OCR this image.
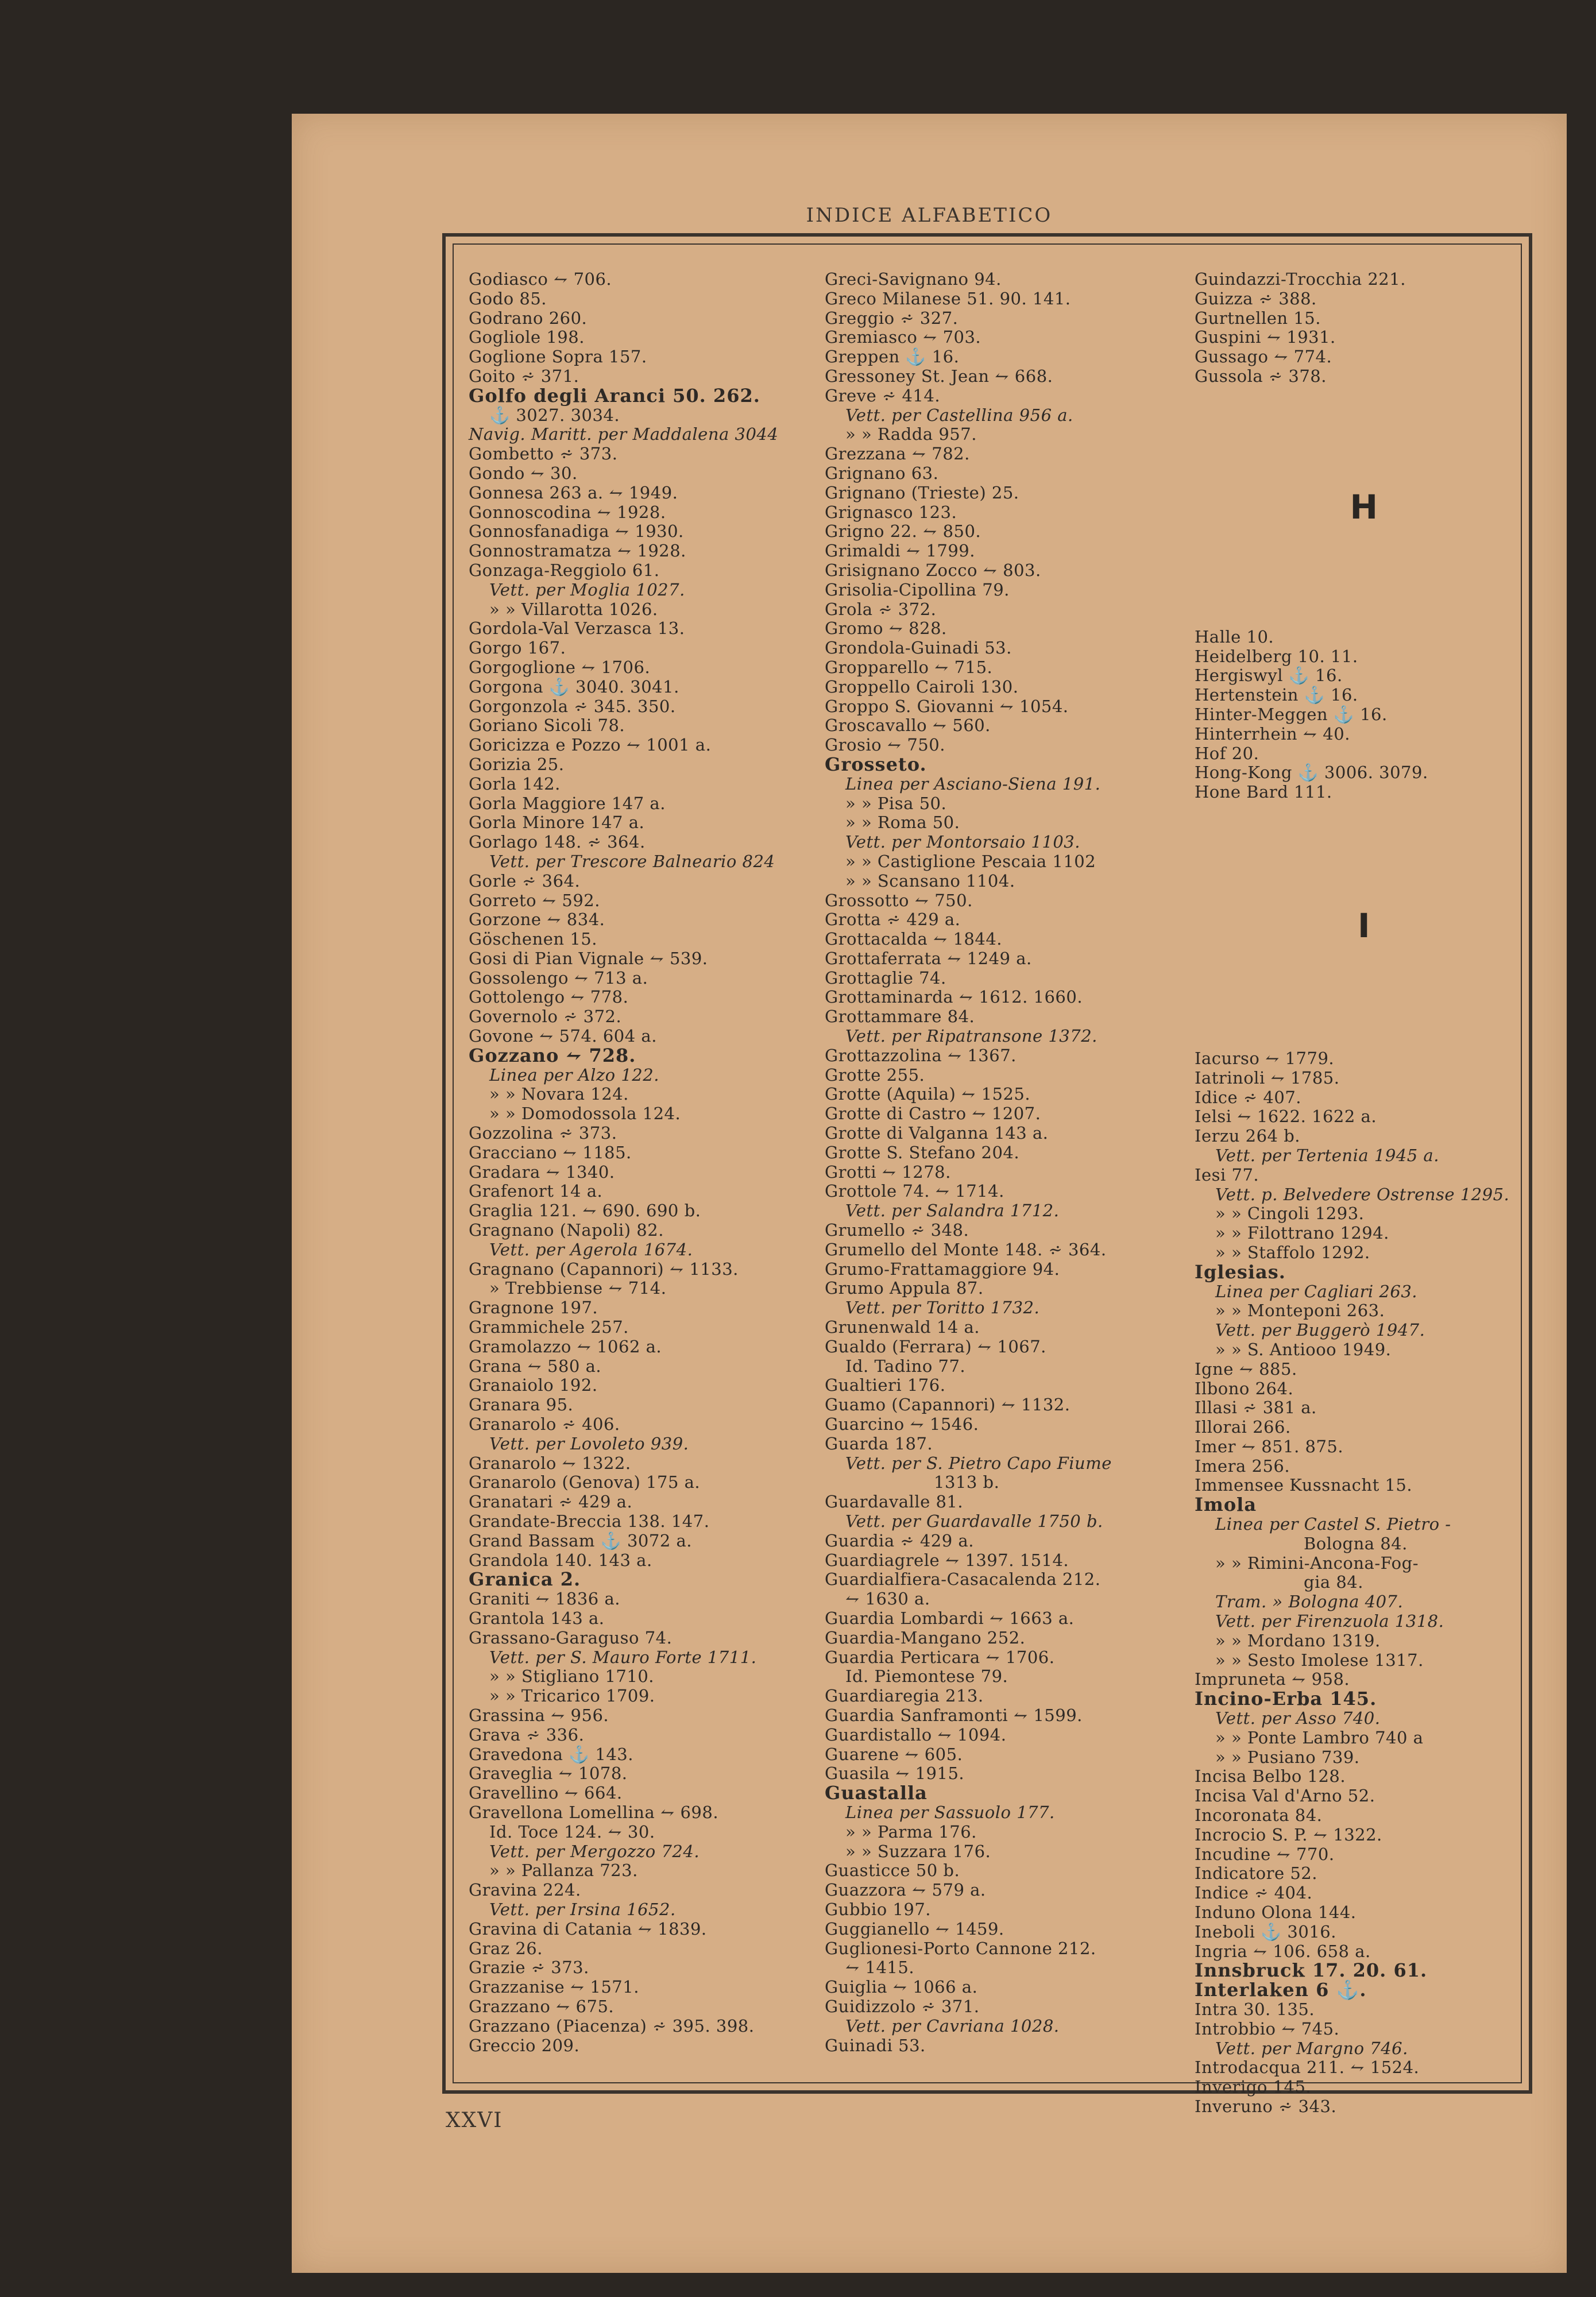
INDICE ALFABETICO
Godiasco ⥊ 706.
Godo 85.
Godrano 260.
Gogliole 198.
Goglione Sopra 157.
Goito ⩫ 371.
Golfo degli Aranci 50. 262.
⚓ 3027. 3034.
Navig. Maritt. per Maddalena 3044
Gombetto ⩫ 373.
Gondo ⥊ 30.
Gonnesa 263 a. ⥊ 1949.
Gonnoscodina ⥊ 1928.
Gonnosfanadiga ⥊ 1930.
Gonnostramatza ⥊ 1928.
Gonzaga-Reggiolo 61.
Vett. per Moglia 1027.
» » Villarotta 1026.
Gordola-Val Verzasca 13.
Gorgo 167.
Gorgoglione ⥊ 1706.
Gorgona ⚓ 3040. 3041.
Gorgonzola ⩫ 345. 350.
Goriano Sicoli 78.
Goricizza e Pozzo ⥊ 1001 a.
Gorizia 25.
Gorla 142.
Gorla Maggiore 147 a.
Gorla Minore 147 a.
Gorlago 148. ⩫ 364.
Vett. per Trescore Balneario 824
Gorle ⩫ 364.
Gorreto ⥊ 592.
Gorzone ⥊ 834.
Göschenen 15.
Gosi di Pian Vignale ⥊ 539.
Gossolengo ⥊ 713 a.
Gottolengo ⥊ 778.
Governolo ⩫ 372.
Govone ⥊ 574. 604 a.
Gozzano ⥊ 728.
Linea per Alzo 122.
» » Novara 124.
» » Domodossola 124.
Gozzolina ⩫ 373.
Gracciano ⥊ 1185.
Gradara ⥊ 1340.
Grafenort 14 a.
Graglia 121. ⥊ 690. 690 b.
Gragnano (Napoli) 82.
Vett. per Agerola 1674.
Gragnano (Capannori) ⥊ 1133.
» Trebbiense ⥊ 714.
Gragnone 197.
Grammichele 257.
Gramolazzo ⥊ 1062 a.
Grana ⥊ 580 a.
Granaiolo 192.
Granara 95.
Granarolo ⩫ 406.
Vett. per Lovoleto 939.
Granarolo ⥊ 1322.
Granarolo (Genova) 175 a.
Granatari ⩫ 429 a.
Grandate-Breccia 138. 147.
Grand Bassam ⚓ 3072 a.
Grandola 140. 143 a.
Granica 2.
Graniti ⥊ 1836 a.
Grantola 143 a.
Grassano-Garaguso 74.
Vett. per S. Mauro Forte 1711.
» » Stigliano 1710.
» » Tricarico 1709.
Grassina ⥊ 956.
Grava ⩫ 336.
Gravedona ⚓ 143.
Graveglia ⥊ 1078.
Gravellino ⥊ 664.
Gravellona Lomellina ⥊ 698.
Id. Toce 124. ⥊ 30.
Vett. per Mergozzo 724.
» » Pallanza 723.
Gravina 224.
Vett. per Irsina 1652.
Gravina di Catania ⥊ 1839.
Graz 26.
Grazie ⩫ 373.
Grazzanise ⥊ 1571.
Grazzano ⥊ 675.
Grazzano (Piacenza) ⩫ 395. 398.
Greccio 209.
Greci-Savignano 94.
Greco Milanese 51. 90. 141.
Greggio ⩫ 327.
Gremiasco ⥊ 703.
Greppen ⚓ 16.
Gressoney St. Jean ⥊ 668.
Greve ⩫ 414.
Vett. per Castellina 956 a.
» » Radda 957.
Grezzana ⥊ 782.
Grignano 63.
Grignano (Trieste) 25.
Grignasco 123.
Grigno 22. ⥊ 850.
Grimaldi ⥊ 1799.
Grisignano Zocco ⥊ 803.
Grisolia-Cipollina 79.
Grola ⩫ 372.
Gromo ⥊ 828.
Grondola-Guinadi 53.
Gropparello ⥊ 715.
Groppello Cairoli 130.
Groppo S. Giovanni ⥊ 1054.
Groscavallo ⥊ 560.
Grosio ⥊ 750.
Grosseto.
Linea per Asciano-Siena 191.
» » Pisa 50.
» » Roma 50.
Vett. per Montorsaio 1103.
» » Castiglione Pescaia 1102
» » Scansano 1104.
Grossotto ⥊ 750.
Grotta ⩫ 429 a.
Grottacalda ⥊ 1844.
Grottaferrata ⥊ 1249 a.
Grottaglie 74.
Grottaminarda ⥊ 1612. 1660.
Grottammare 84.
Vett. per Ripatransone 1372.
Grottazzolina ⥊ 1367.
Grotte 255.
Grotte (Aquila) ⥊ 1525.
Grotte di Castro ⥊ 1207.
Grotte di Valganna 143 a.
Grotte S. Stefano 204.
Grotti ⥊ 1278.
Grottole 74. ⥊ 1714.
Vett. per Salandra 1712.
Grumello ⩫ 348.
Grumello del Monte 148. ⩫ 364.
Grumo-Frattamaggiore 94.
Grumo Appula 87.
Vett. per Toritto 1732.
Grunenwald 14 a.
Gualdo (Ferrara) ⥊ 1067.
Id. Tadino 77.
Gualtieri 176.
Guamo (Capannori) ⥊ 1132.
Guarcino ⥊ 1546.
Guarda 187.
Vett. per S. Pietro Capo Fiume
1313 b.
Guardavalle 81.
Vett. per Guardavalle 1750 b.
Guardia ⩫ 429 a.
Guardiagrele ⥊ 1397. 1514.
Guardialfiera-Casacalenda 212.
⥊ 1630 a.
Guardia Lombardi ⥊ 1663 a.
Guardia-Mangano 252.
Guardia Perticara ⥊ 1706.
Id. Piemontese 79.
Guardiaregia 213.
Guardia Sanframonti ⥊ 1599.
Guardistallo ⥊ 1094.
Guarene ⥊ 605.
Guasila ⥊ 1915.
Guastalla
Linea per Sassuolo 177.
» » Parma 176.
» » Suzzara 176.
Guasticce 50 b.
Guazzora ⥊ 579 a.
Gubbio 197.
Guggianello ⥊ 1459.
Guglionesi-Porto Cannone 212.
⥊ 1415.
Guiglia ⥊ 1066 a.
Guidizzolo ⩫ 371.
Vett. per Cavriana 1028.
Guinadi 53.
Guindazzi-Trocchia 221.
Guizza ⩫ 388.
Gurtnellen 15.
Guspini ⥊ 1931.
Gussago ⥊ 774.
Gussola ⩫ 378.
H
Halle 10.
Heidelberg 10. 11.
Hergiswyl ⚓ 16.
Hertenstein ⚓ 16.
Hinter-Meggen ⚓ 16.
Hinterrhein ⥊ 40.
Hof 20.
Hong-Kong ⚓ 3006. 3079.
Hone Bard 111.
I
Iacurso ⥊ 1779.
Iatrinoli ⥊ 1785.
Idice ⩫ 407.
Ielsi ⥊ 1622. 1622 a.
Ierzu 264 b.
Vett. per Tertenia 1945 a.
Iesi 77.
Vett. p. Belvedere Ostrense 1295.
» » Cingoli 1293.
» » Filottrano 1294.
» » Staffolo 1292.
Iglesias.
Linea per Cagliari 263.
» » Monteponi 263.
Vett. per Buggerò 1947.
» » S. Antiooo 1949.
Igne ⥊ 885.
Ilbono 264.
Illasi ⩫ 381 a.
Illorai 266.
Imer ⥊ 851. 875.
Imera 256.
Immensee Kussnacht 15.
Imola
Linea per Castel S. Pietro -
Bologna 84.
» » Rimini-Ancona-Fog-
gia 84.
Tram. » Bologna 407.
Vett. per Firenzuola 1318.
» » Mordano 1319.
» » Sesto Imolese 1317.
Impruneta ⥊ 958.
Incino-Erba 145.
Vett. per Asso 740.
» » Ponte Lambro 740 a
» » Pusiano 739.
Incisa Belbo 128.
Incisa Val d'Arno 52.
Incoronata 84.
Incrocio S. P. ⥊ 1322.
Incudine ⥊ 770.
Indicatore 52.
Indice ⩫ 404.
Induno Olona 144.
Ineboli ⚓ 3016.
Ingria ⥊ 106. 658 a.
Innsbruck 17. 20. 61.
Interlaken 6 ⚓.
Intra 30. 135.
Introbbio ⥊ 745.
Vett. per Margno 746.
Introdacqua 211. ⥊ 1524.
Inverigo 145.
Inveruno ⩫ 343.
XXVI
